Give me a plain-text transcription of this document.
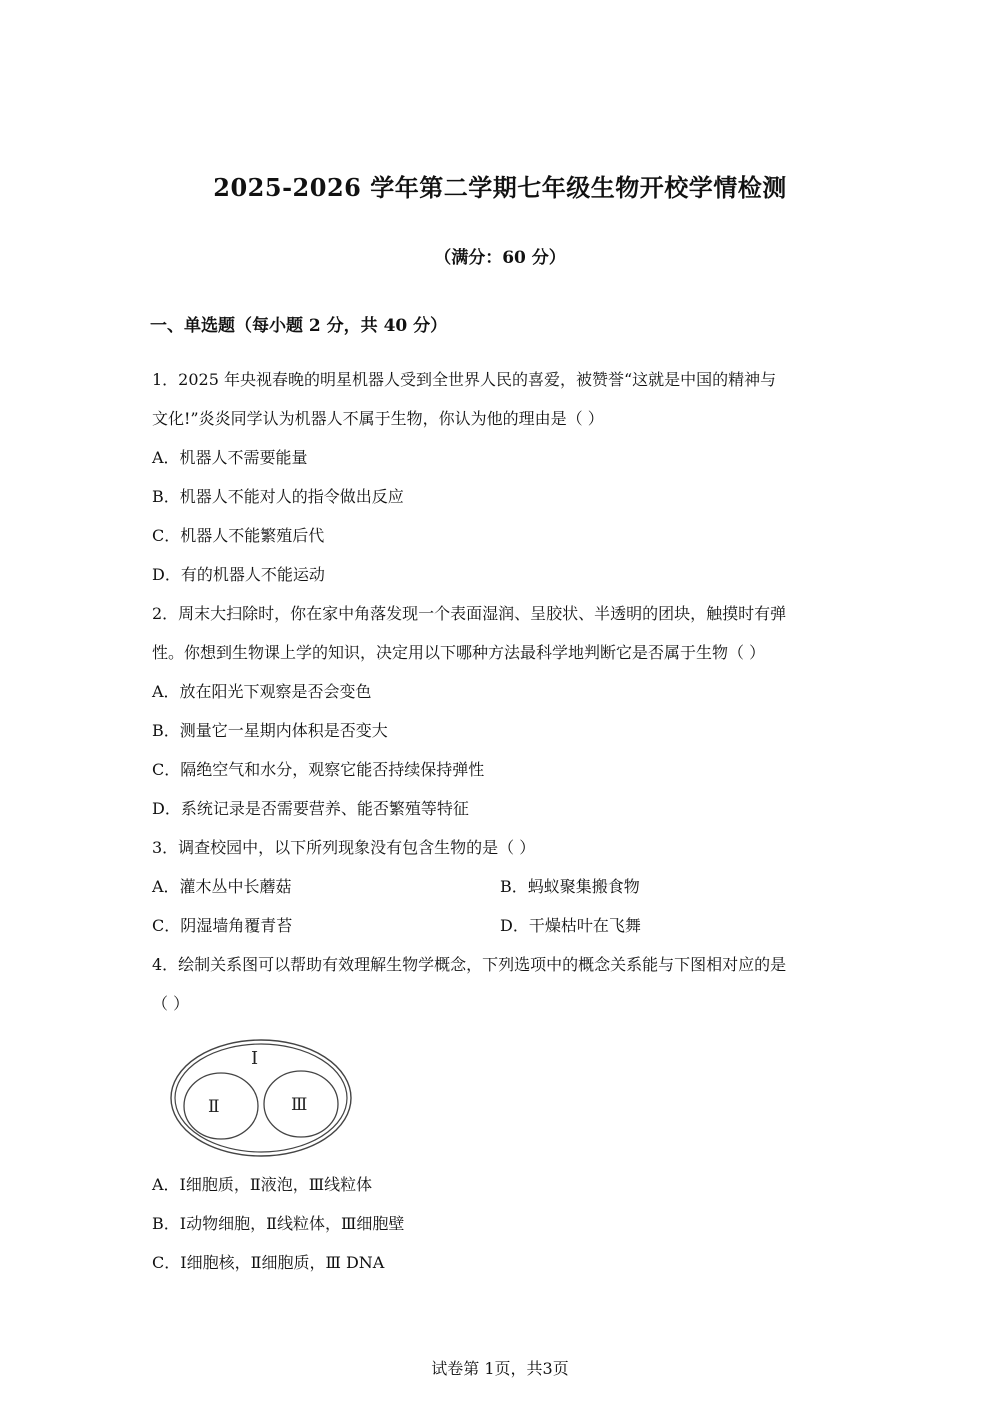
2025-2026 学年第二学期七年级生物开校学情检测
（满分：60 分）
一、单选题（每小题 2 分，共 40 分）
1．2025 年央视春晚的明星机器人受到全世界人民的喜爱，被赞誉“这就是中国的精神与
文化!”炎炎同学认为机器人不属于生物，你认为他的理由是（ ）
A．机器人不需要能量
B．机器人不能对人的指令做出反应
C．机器人不能繁殖后代
D．有的机器人不能运动
2．周末大扫除时，你在家中角落发现一个表面湿润、呈胶状、半透明的团块，触摸时有弹
性。你想到生物课上学的知识，决定用以下哪种方法最科学地判断它是否属于生物（ ）
A．放在阳光下观察是否会变色
B．测量它一星期内体积是否变大
C．隔绝空气和水分，观察它能否持续保持弹性
D．系统记录是否需要营养、能否繁殖等特征
3．调查校园中，以下所列现象没有包含生物的是（ ）
A．灌木丛中长蘑菇	B．蚂蚁聚集搬食物
C．阴湿墙角覆青苔	D．干燥枯叶在飞舞
4．绘制关系图可以帮助有效理解生物学概念，下列选项中的概念关系能与下图相对应的是
（ ）
Ⅰ
Ⅱ	Ⅲ
A．Ⅰ细胞质，Ⅱ液泡，Ⅲ线粒体
B．Ⅰ动物细胞，Ⅱ线粒体，Ⅲ细胞壁
C．Ⅰ细胞核，Ⅱ细胞质，Ⅲ DNA
试卷第 1页，共3页
